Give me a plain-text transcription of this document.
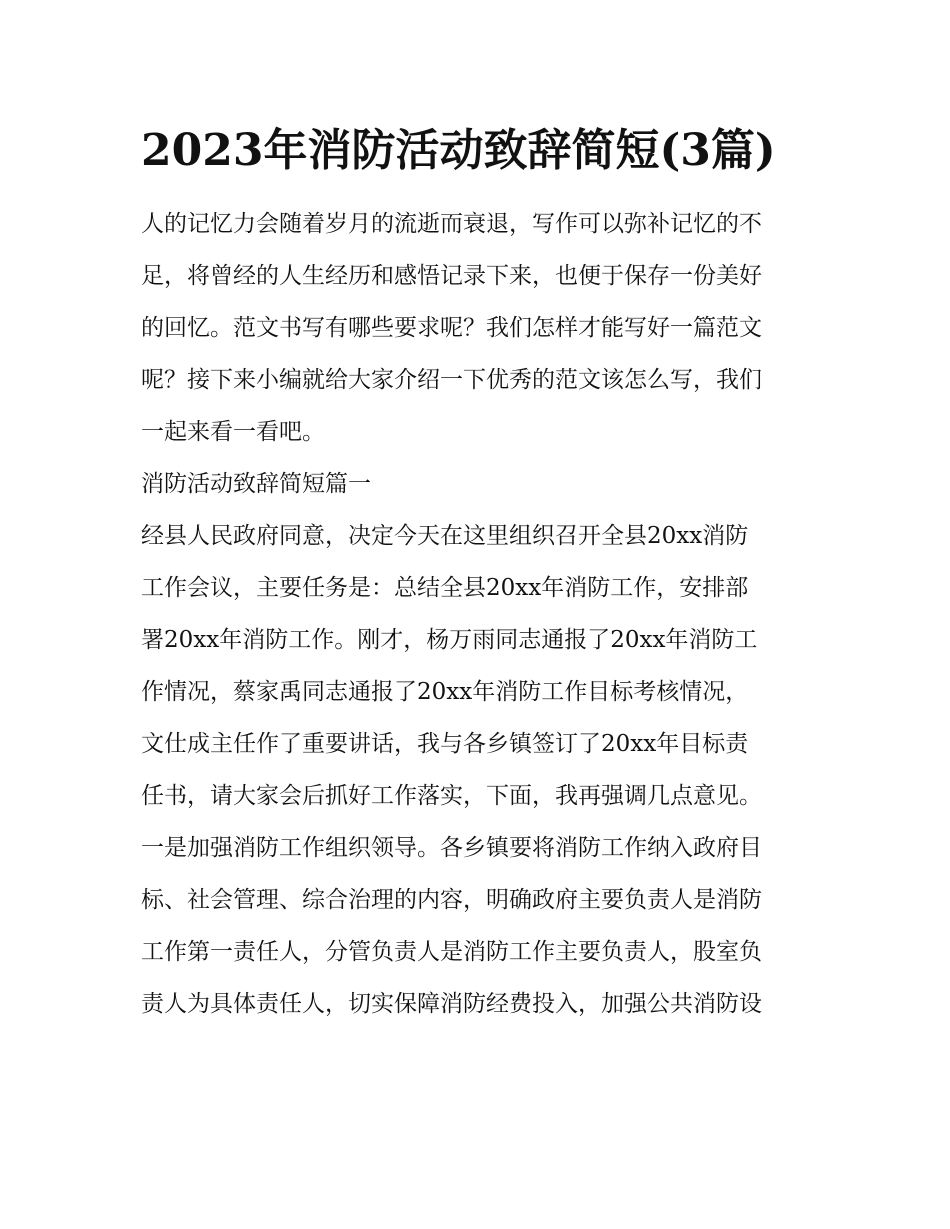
2023年消防活动致辞简短(3篇)
人的记忆力会随着岁月的流逝而衰退，写作可以弥补记忆的不
足，将曾经的人生经历和感悟记录下来，也便于保存一份美好
的回忆。范文书写有哪些要求呢？我们怎样才能写好一篇范文
呢？接下来小编就给大家介绍一下优秀的范文该怎么写，我们
一起来看一看吧。
消防活动致辞简短篇一
经县人民政府同意，决定今天在这里组织召开全县20xx消防
工作会议，主要任务是：总结全县20xx年消防工作，安排部
署20xx年消防工作。刚才，杨万雨同志通报了20xx年消防工
作情况，蔡家禹同志通报了20xx年消防工作目标考核情况，
文仕成主任作了重要讲话，我与各乡镇签订了20xx年目标责
任书，请大家会后抓好工作落实，下面，我再强调几点意见。
一是加强消防工作组织领导。各乡镇要将消防工作纳入政府目
标、社会管理、综合治理的内容，明确政府主要负责人是消防
工作第一责任人，分管负责人是消防工作主要负责人，股室负
责人为具体责任人，切实保障消防经费投入，加强公共消防设
